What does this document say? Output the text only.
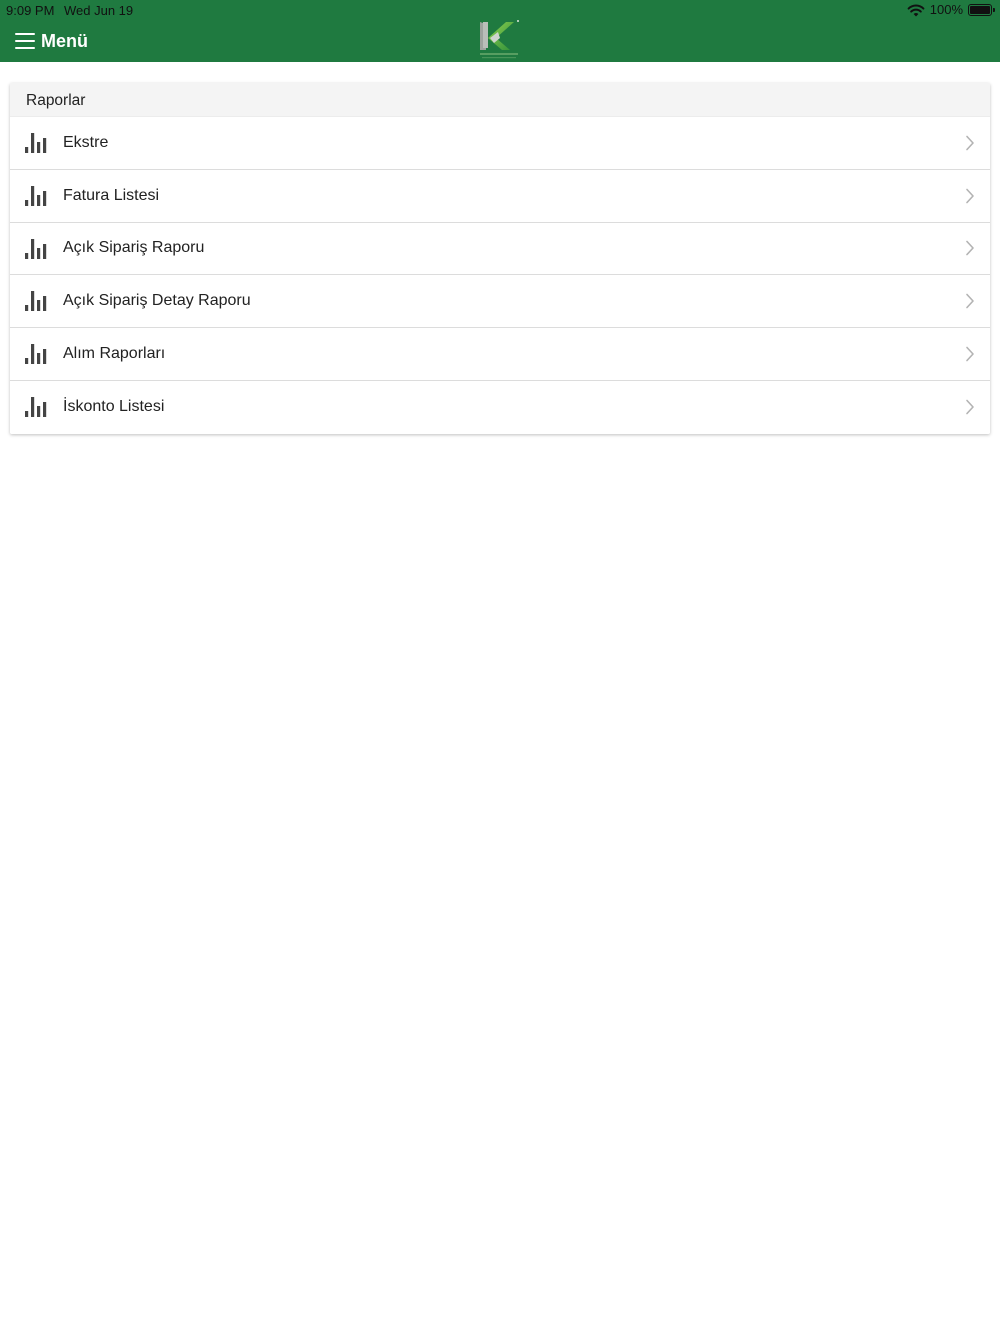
9:09 PM Wed Jun 19	100%
Menü
Raporlar
Ekstre
Fatura Listesi
Açık Sipariş Raporu
Açık Sipariş Detay Raporu
Alım Raporları
İskonto Listesi
